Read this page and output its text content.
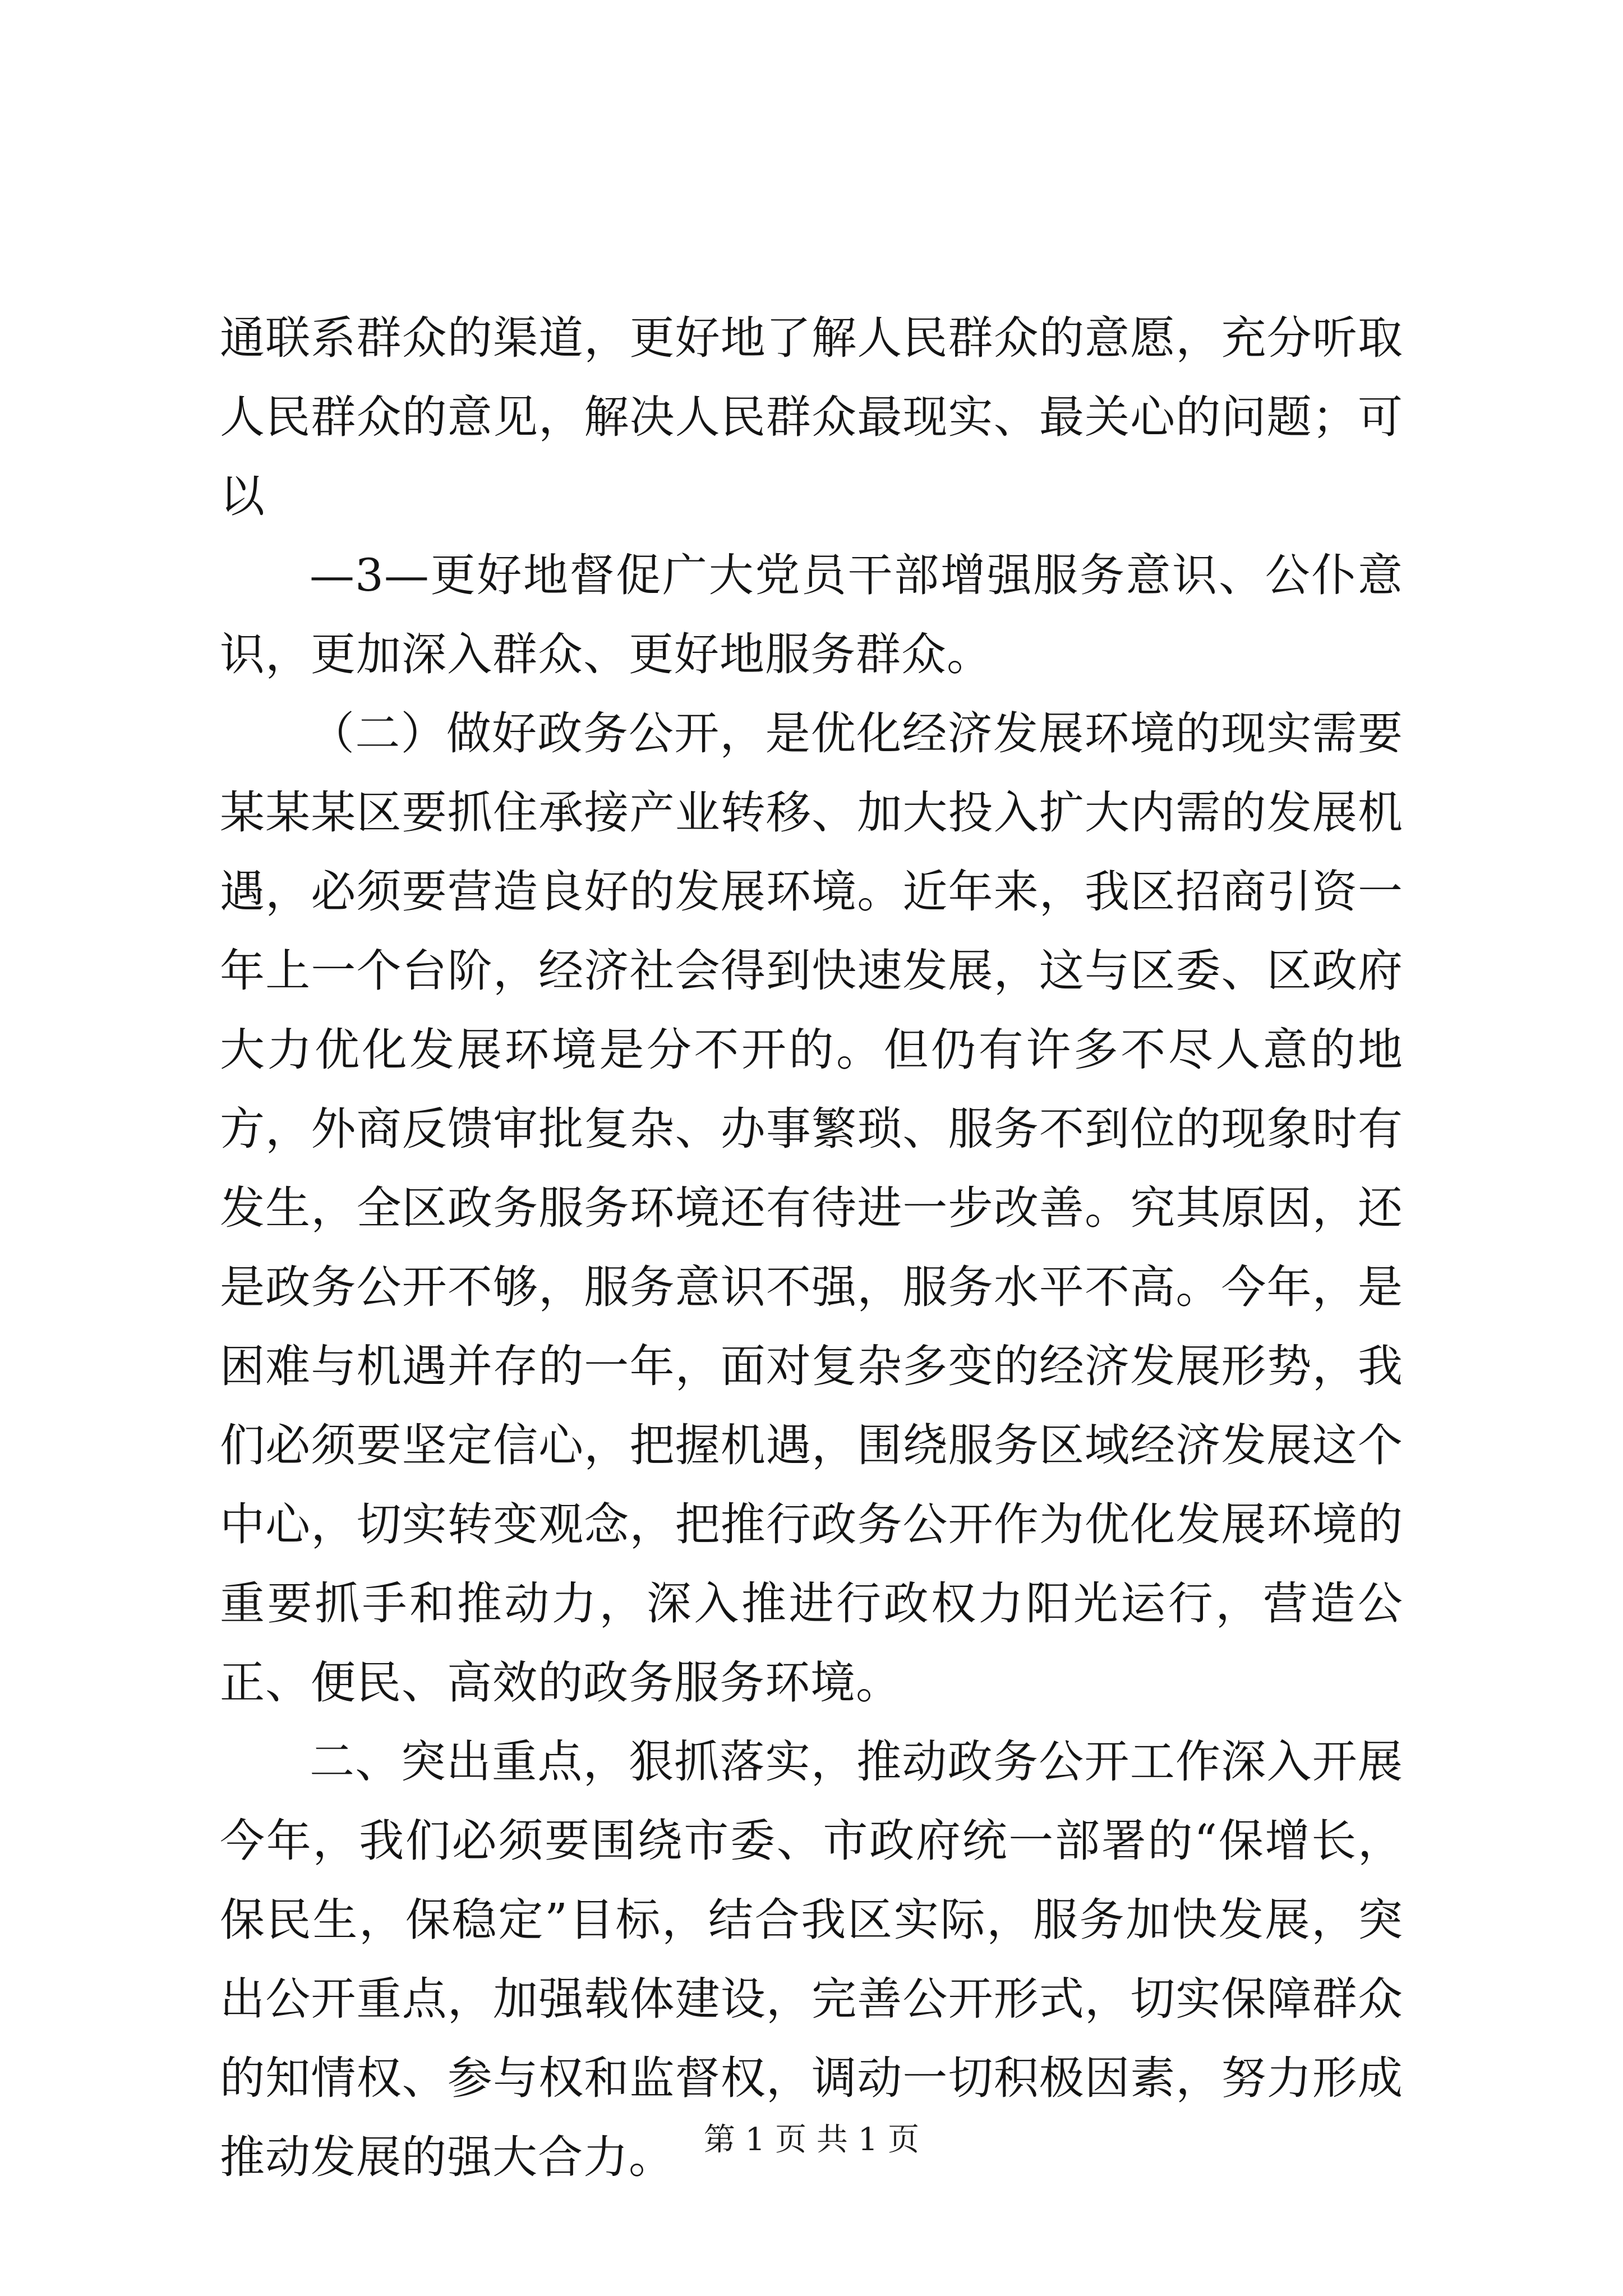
通联系群众的渠道，更好地了解人民群众的意愿，充分听取人民群众的意见，解决人民群众最现实、最关心的问题；可以

—3—更好地督促广大党员干部增强服务意识、公仆意识，更加深入群众、更好地服务群众。

（二）做好政务公开，是优化经济发展环境的现实需要某某某区要抓住承接产业转移、加大投入扩大内需的发展机遇，必须要营造良好的发展环境。近年来，我区招商引资一年上一个台阶，经济社会得到快速发展，这与区委、区政府大力优化发展环境是分不开的。但仍有许多不尽人意的地方，外商反馈审批复杂、办事繁琐、服务不到位的现象时有发生，全区政务服务环境还有待进一步改善。究其原因，还是政务公开不够，服务意识不强，服务水平不高。今年，是困难与机遇并存的一年，面对复杂多变的经济发展形势，我们必须要坚定信心，把握机遇，围绕服务区域经济发展这个中心，切实转变观念，把推行政务公开作为优化发展环境的重要抓手和推动力，深入推进行政权力阳光运行，营造公正、便民、高效的政务服务环境。

二、突出重点，狠抓落实，推动政务公开工作深入开展今年，我们必须要围绕市委、市政府统一部署的“保增长，保民生，保稳定”目标，结合我区实际，服务加快发展，突出公开重点，加强载体建设，完善公开形式，切实保障群众的知情权、参与权和监督权，调动一切积极因素，努力形成推动发展的强大合力。 第 1 页 共 1 页
